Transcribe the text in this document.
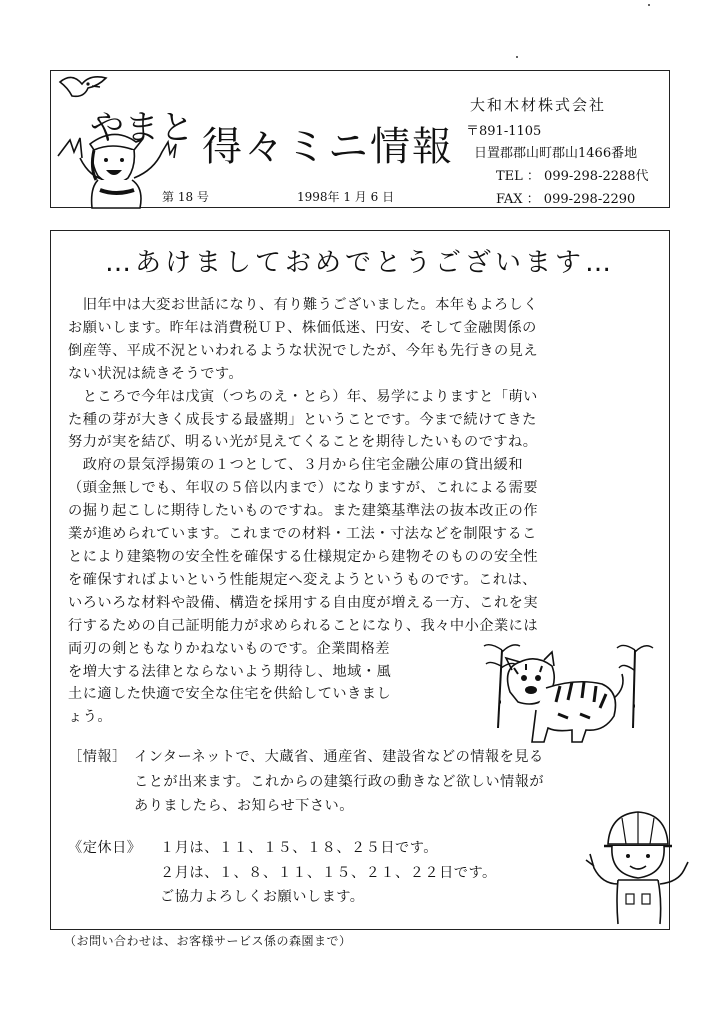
やまと 得々ミニ情報
大和木材株式会社
〒891-1105
日置郡郡山町郡山1466番地
TEL ： 099-298-2288代
FAX ： 099-298-2290
第 18 号	1998年 1 月 6 日
…あけましておめでとうございます…
　旧年中は大変お世話になり、有り難うございました。本年もよろしく
お願いします。昨年は消費税ＵＰ、株価低迷、円安、そして金融関係の
倒産等、平成不況といわれるような状況でしたが、今年も先行きの見え
ない状況は続きそうです。
　ところで今年は戊寅（つちのえ・とら）年、易学によりますと「萌い
た種の芽が大きく成長する最盛期」ということです。今まで続けてきた
努力が実を結び、明るい光が見えてくることを期待したいものですね。
　政府の景気浮揚策の１つとして、３月から住宅金融公庫の貸出緩和
（頭金無しでも、年収の５倍以内まで）になりますが、これによる需要
の掘り起こしに期待したいものですね。また建築基準法の抜本改正の作
業が進められています。これまでの材料・工法・寸法などを制限するこ
とにより建築物の安全性を確保する仕様規定から建物そのものの安全性
を確保すればよいという性能規定へ変えようというものです。これは、
いろいろな材料や設備、構造を採用する自由度が増える一方、これを実
行するための自己証明能力が求められることになり、我々中小企業には
両刃の剣ともなりかねないものです。企業間格差
を増大する法律とならないよう期待し、地域・風
土に適した快適で安全な住宅を供給していきまし
ょう。
［情報］ インターネットで、大蔵省、通産省、建設省などの情報を見る
ことが出来ます。これからの建築行政の動きなど欲しい情報が
ありましたら、お知らせ下さい。
《定休日》 １月は、１１、１５、１８、２５日です。
２月は、１、８、１１、１５、２１、２２日です。
ご協力よろしくお願いします。
（お問い合わせは、お客様サービス係の森園まで）
